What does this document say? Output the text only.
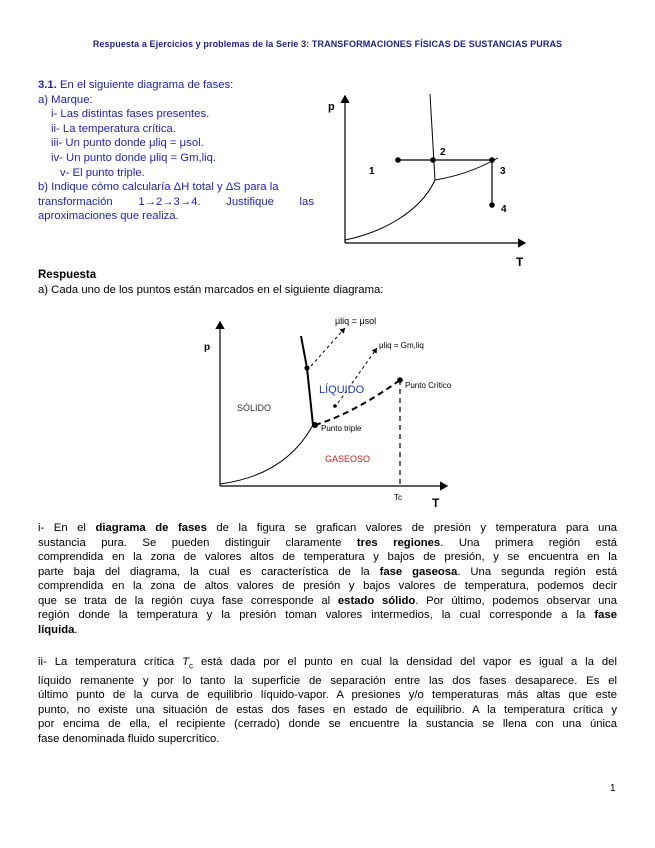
Respuesta a Ejercicios y problemas de la Serie 3: TRANSFORMACIONES FÍSICAS DE SUSTANCIAS PURAS
3.1. En el siguiente diagrama de fases:
a) Marque:
i- Las distintas fases presentes.
ii- La temperatura crítica.
iii- Un punto donde μliq = μsol.
iv- Un punto donde μliq = Gm,liq.
v- El punto triple.
b) Indique cómo calcularía ΔH total y ΔS para la
transformación 1→2→3→4. Justifique las
aproximaciones que realiza.
p
T
1
2
3
4
Respuesta
a) Cada uno de los puntos están marcados en el siguiente diagrama:
p
T
μliq = μsol
μliq = Gm,liq
LÍQUIDO
SÓLIDO
GASEOSO
Punto Crítico
Punto triple
Tc
i- En el diagrama de fases de la figura se grafican valores de presión y temperatura para una
sustancia pura. Se pueden distinguir claramente tres regiones. Una primera región está
comprendida en la zona de valores altos de temperatura y bajos de presión, y se encuentra en la
parte baja del diagrama, la cual es característica de la fase gaseosa. Una segunda región está
comprendida en la zona de altos valores de presión y bajos valores de temperatura, podemos decir
que se trata de la región cuya fase corresponde al estado sólido. Por último, podemos observar una
región donde la temperatura y la presión toman valores intermedios, la cual corresponde a la fase
líquida.
ii- La temperatura crítica $T_c$ está dada por el punto en cual la densidad del vapor es igual a la del
líquido remanente y por lo tanto la superficie de separación entre las dos fases desaparece. Es el
último punto de la curva de equilibrio líquido-vapor. A presiones y/o temperaturas más altas que este
punto, no existe una situación de estas dos fases en estado de equilibrio. A la temperatura crítica y
por encima de ella, el recipiente (cerrado) donde se encuentre la sustancia se llena con una única
fase denominada fluido supercrítico.
1
